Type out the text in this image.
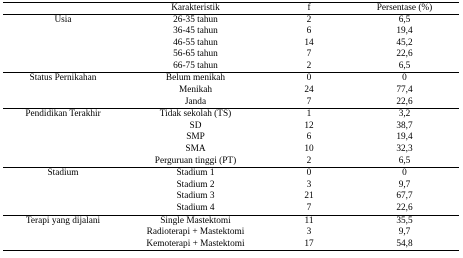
	Karakteristik	f	Persentase (%)
Usia	26-35 tahun	2	6,5
	36-45 tahun	6	19,4
	46-55 tahun	14	45,2
	56-65 tahun	7	22,6
	66-75 tahun	2	6,5
Status Pernikahan	Belum menikah	0	0
	Menikah	24	77,4
	Janda	7	22,6
Pendidikan Terakhir	Tidak sekolah (TS)	1	3,2
	SD	12	38,7
	SMP	6	19,4
	SMA	10	32,3
	Perguruan tinggi (PT)	2	6,5
Stadium	Stadium 1	0	0
	Stadium 2	3	9,7
	Stadium 3	21	67,7
	Stadium 4	7	22,6
Terapi yang dijalani	Single Mastektomi	11	35,5
	Radioterapi + Mastektomi	3	9,7
	Kemoterapi + Mastektomi	17	54,8
